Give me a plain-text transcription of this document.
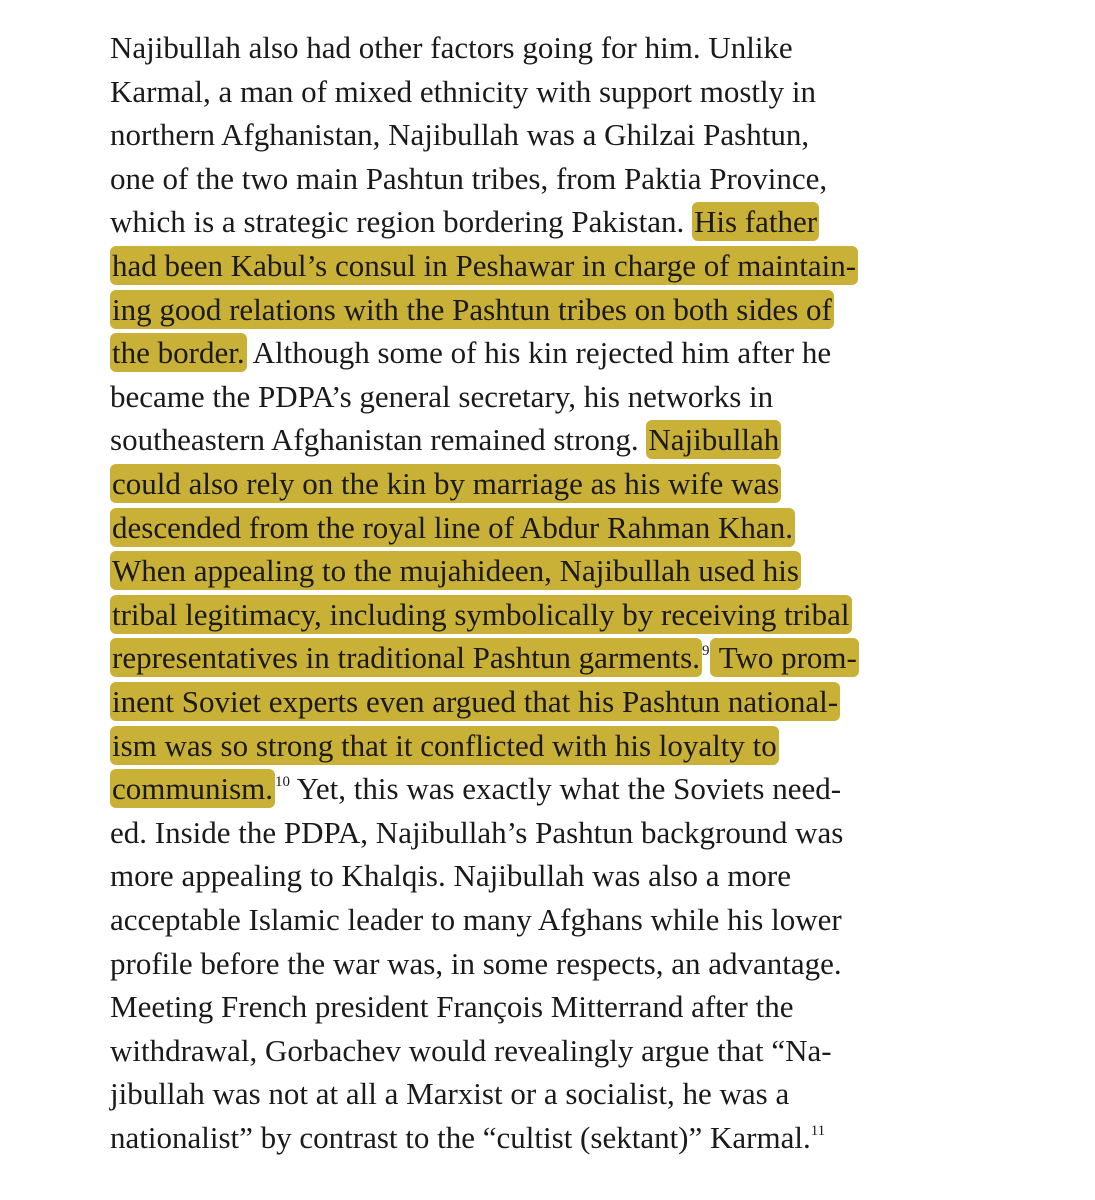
Najibullah also had other factors going for him. Unlike
Karmal, a man of mixed ethnicity with support mostly in
northern Afghanistan, Najibullah was a Ghilzai Pashtun,
one of the two main Pashtun tribes, from Paktia Province,
which is a strategic region bordering Pakistan. His father
had been Kabul’s consul in Peshawar in charge of maintain-
ing good relations with the Pashtun tribes on both sides of
the border. Although some of his kin rejected him after he
became the PDPA’s general secretary, his networks in
southeastern Afghanistan remained strong. Najibullah
could also rely on the kin by marriage as his wife was
descended from the royal line of Abdur Rahman Khan.
When appealing to the mujahideen, Najibullah used his
tribal legitimacy, including symbolically by receiving tribal
representatives in traditional Pashtun garments. $^9$ Two prom-
inent Soviet experts even argued that his Pashtun national-
ism was so strong that it conflicted with his loyalty to
communism. $^{10}$ Yet, this was exactly what the Soviets need-
ed. Inside the PDPA, Najibullah’s Pashtun background was
more appealing to Khalqis. Najibullah was also a more
acceptable Islamic leader to many Afghans while his lower
profile before the war was, in some respects, an advantage.
Meeting French president François Mitterrand after the
withdrawal, Gorbachev would revealingly argue that “Na-
jibullah was not at all a Marxist or a socialist, he was a
nationalist” by contrast to the “cultist (sektant)” Karmal.$^{11}$
